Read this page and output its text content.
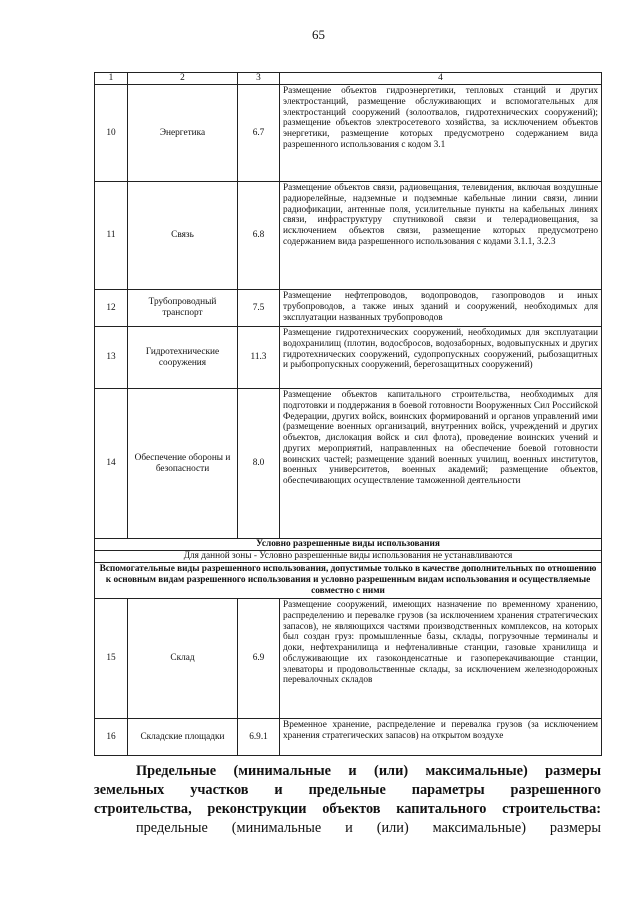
65
1	2	3	4
10	Энергетика	6.7	Размещение объектов гидроэнергетики, тепловых станций и других электростанций, размещение обслуживающих и вспомогательных для электростанций сооружений (золоотвалов, гидротехнических сооружений); размещение объектов электросетевого хозяйства, за исключением объектов энергетики, размещение которых предусмотрено содержанием вида разрешенного использования с кодом 3.1
11	Связь	6.8	Размещение объектов связи, радиовещания, телевидения, включая воздушные радиорелейные, надземные и подземные кабельные линии связи, линии радиофикации, антенные поля, усилительные пункты на кабельных линиях связи, инфраструктуру спутниковой связи и телерадиовещания, за исключением объектов связи, размещение которых предусмотрено содержанием вида разрешенного использования с кодами 3.1.1, 3.2.3
12	Трубопроводный транспорт	7.5	Размещение нефтепроводов, водопроводов, газопроводов и иных трубопроводов, а также иных зданий и сооружений, необходимых для эксплуатации названных трубопроводов
13	Гидротехнические сооружения	11.3	Размещение гидротехнических сооружений, необходимых для эксплуатации водохранилищ (плотин, водосбросов, водозаборных, водовыпускных и других гидротехнических сооружений, судопропускных сооружений, рыбозащитных и рыбопропускных сооружений, берегозащитных сооружений)
14	Обеспечение обороны и безопасности	8.0	Размещение объектов капитального строительства, необходимых для подготовки и поддержания в боевой готовности Вооруженных Сил Российской Федерации, других войск, воинских формирований и органов управлений ими (размещение военных организаций, внутренних войск, учреждений и других объектов, дислокация войск и сил флота), проведение воинских учений и других мероприятий, направленных на обеспечение боевой готовности воинских частей; размещение зданий военных училищ, военных институтов, военных университетов, военных академий; размещение объектов, обеспечивающих осуществление таможенной деятельности
Условно разрешенные виды использования			
Для данной зоны - Условно разрешенные виды использования не устанавливаются			
Вспомогательные виды разрешенного использования, допустимые только в качестве дополнительных по отношению к основным видам разрешенного использования и условно разрешенным видам использования и осуществляемые совместно с ними			
15	Склад	6.9	Размещение сооружений, имеющих назначение по временному хранению, распределению и перевалке грузов (за исключением хранения стратегических запасов), не являющихся частями производственных комплексов, на которых был создан груз: промышленные базы, склады, погрузочные терминалы и доки, нефтехранилища и нефтеналивные станции, газовые хранилища и обслуживающие их газоконденсатные и газоперекачивающие станции, элеваторы и продовольственные склады, за исключением железнодорожных перевалочных складов
16	Складские площадки	6.9.1	Временное хранение, распределение и перевалка грузов (за исключением хранения стратегических запасов) на открытом воздухе

Предельные (минимальные и (или) максимальные) размеры

земельных участков и предельные параметры разрешенного

строительства, реконструкции объектов капитального строительства:

предельные (минимальные и (или) максимальные) размеры
